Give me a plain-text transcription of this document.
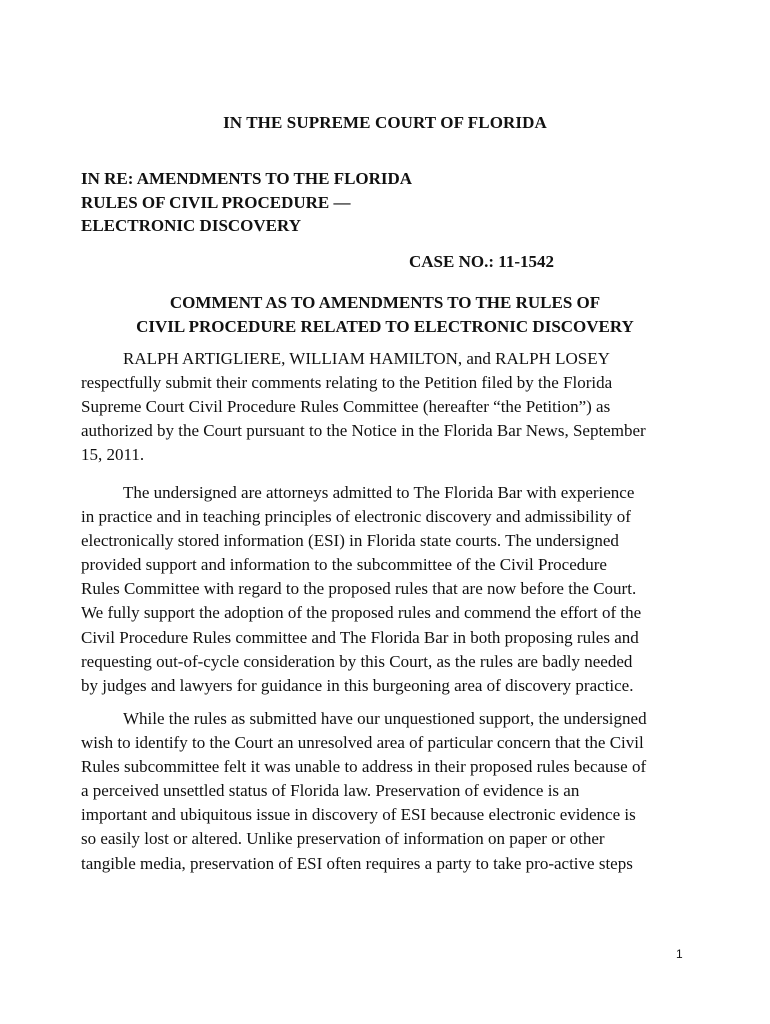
IN THE SUPREME COURT OF FLORIDA
IN RE: AMENDMENTS TO THE FLORIDA
RULES OF CIVIL PROCEDURE —
ELECTRONIC DISCOVERY
CASE NO.: 11-1542
COMMENT AS TO AMENDMENTS TO THE RULES OF
CIVIL PROCEDURE RELATED TO ELECTRONIC DISCOVERY
RALPH ARTIGLIERE, WILLIAM HAMILTON, and RALPH LOSEY
respectfully submit their comments relating to the Petition filed by the Florida
Supreme Court Civil Procedure Rules Committee (hereafter “the Petition”) as
authorized by the Court pursuant to the Notice in the Florida Bar News, September
15, 2011.
The undersigned are attorneys admitted to The Florida Bar with experience
in practice and in teaching principles of electronic discovery and admissibility of
electronically stored information (ESI) in Florida state courts. The undersigned
provided support and information to the subcommittee of the Civil Procedure
Rules Committee with regard to the proposed rules that are now before the Court.
We fully support the adoption of the proposed rules and commend the effort of the
Civil Procedure Rules committee and The Florida Bar in both proposing rules and
requesting out-of-cycle consideration by this Court, as the rules are badly needed
by judges and lawyers for guidance in this burgeoning area of discovery practice.
While the rules as submitted have our unquestioned support, the undersigned
wish to identify to the Court an unresolved area of particular concern that the Civil
Rules subcommittee felt it was unable to address in their proposed rules because of
a perceived unsettled status of Florida law. Preservation of evidence is an
important and ubiquitous issue in discovery of ESI because electronic evidence is
so easily lost or altered. Unlike preservation of information on paper or other
tangible media, preservation of ESI often requires a party to take pro-active steps
1
